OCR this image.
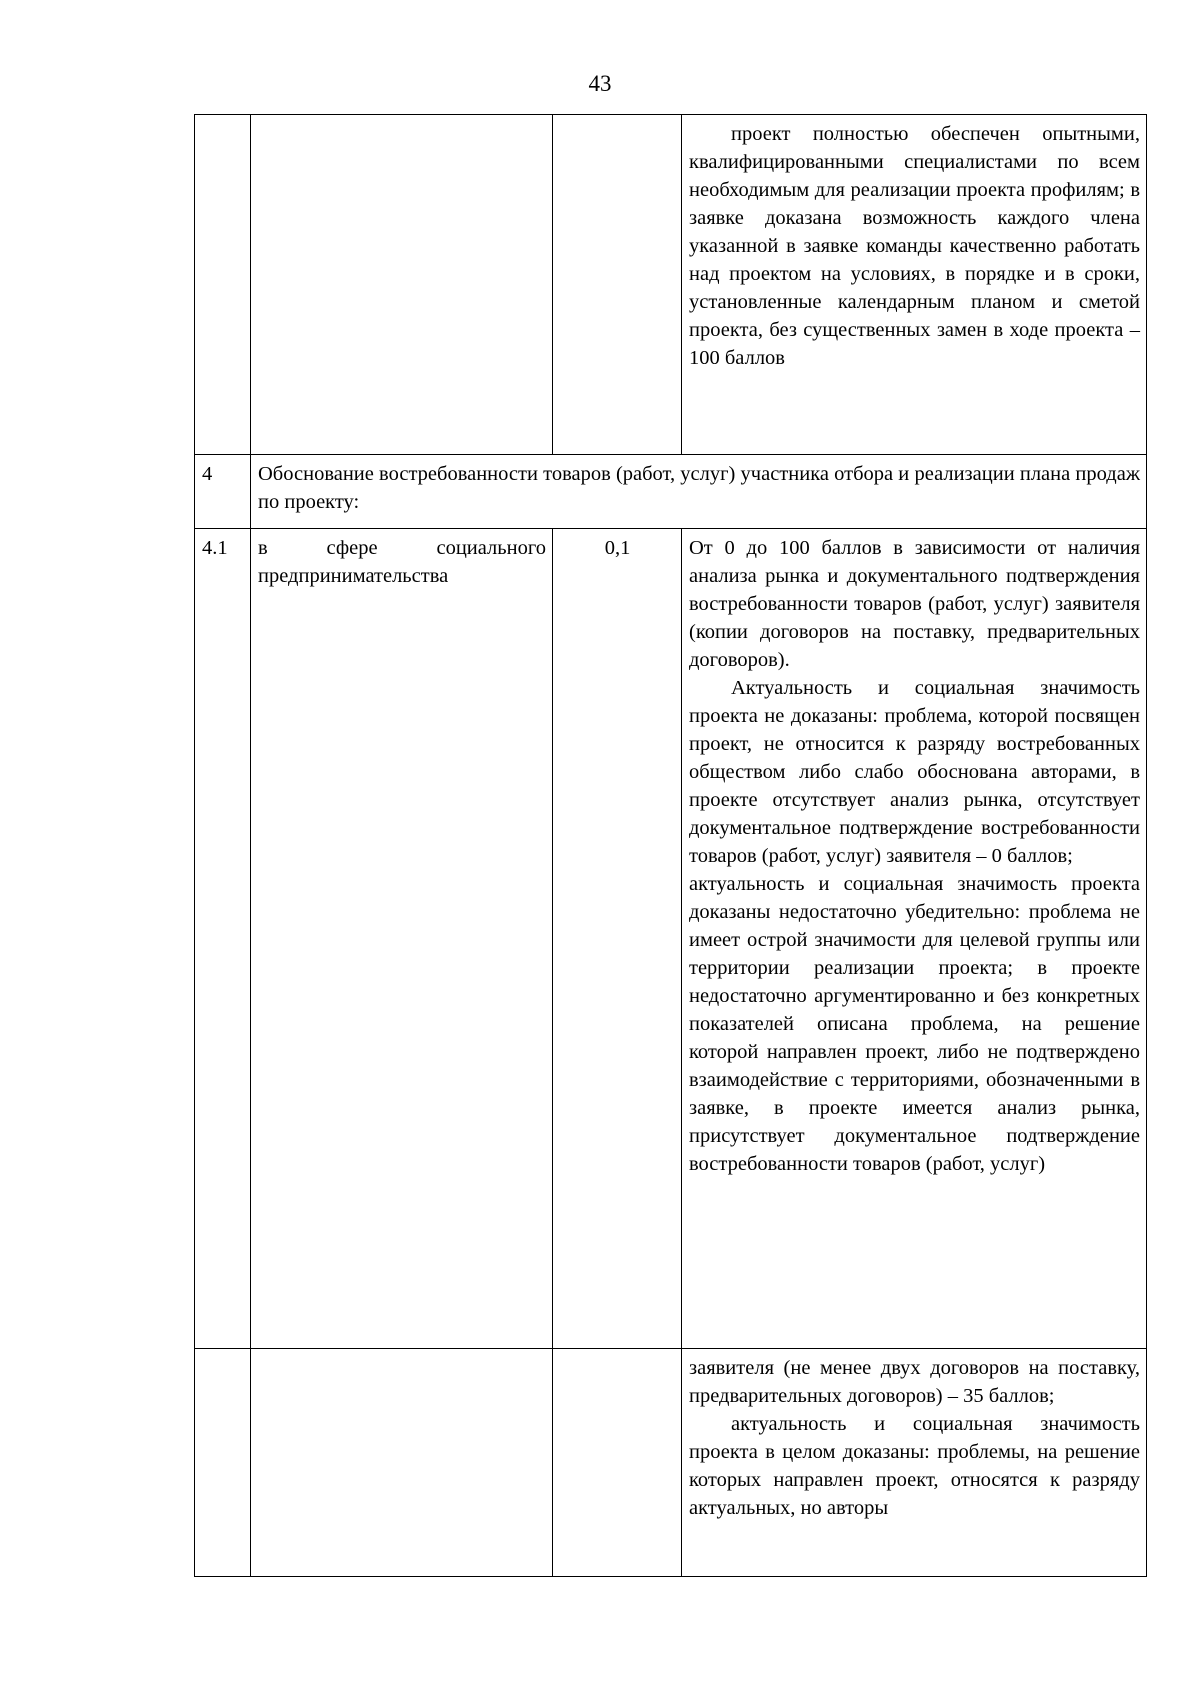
43

			проект полностью обеспечен опытными, квалифицированными специалистами по всем необходимым для реализации проекта профилям; в заявке доказана возможность каждого члена указанной в заявке команды качественно работать над проектом на условиях, в порядке и в сроки, установленные календарным планом и сметой проекта, без существенных замен в ходе проекта – 100 баллов

4	Обоснование востребованности товаров (работ, услуг) участника отбора и реализации плана продаж по проекту:		

4.1	в сфере социального предпринимательства	0,1	От 0 до 100 баллов в зависимости от наличия анализа рынка и документального подтверждения востребованности товаров (работ, услуг) заявителя (копии договоров на поставку, предварительных договоров).

Актуальность и социальная значимость проекта не доказаны: проблема, которой посвящен проект, не относится к разряду востребованных обществом либо слабо обоснована авторами, в проекте отсутствует анализ рынка, отсутствует документальное подтверждение востребованности товаров (работ, услуг) заявителя – 0 баллов;

актуальность и социальная значимость проекта доказаны недостаточно убедительно: проблема не имеет острой значимости для целевой группы или территории реализации проекта; в проекте недостаточно аргументированно и без конкретных показателей описана проблема, на решение которой направлен проект, либо не подтверждено взаимодействие с территориями, обозначенными в заявке, в проекте имеется анализ рынка, присутствует документальное подтверждение востребованности товаров (работ, услуг)

			заявителя (не менее двух договоров на поставку, предварительных договоров) – 35 баллов;

актуальность и социальная значимость проекта в целом доказаны: проблемы, на решение которых направлен проект, относятся к разряду актуальных, но авторы
